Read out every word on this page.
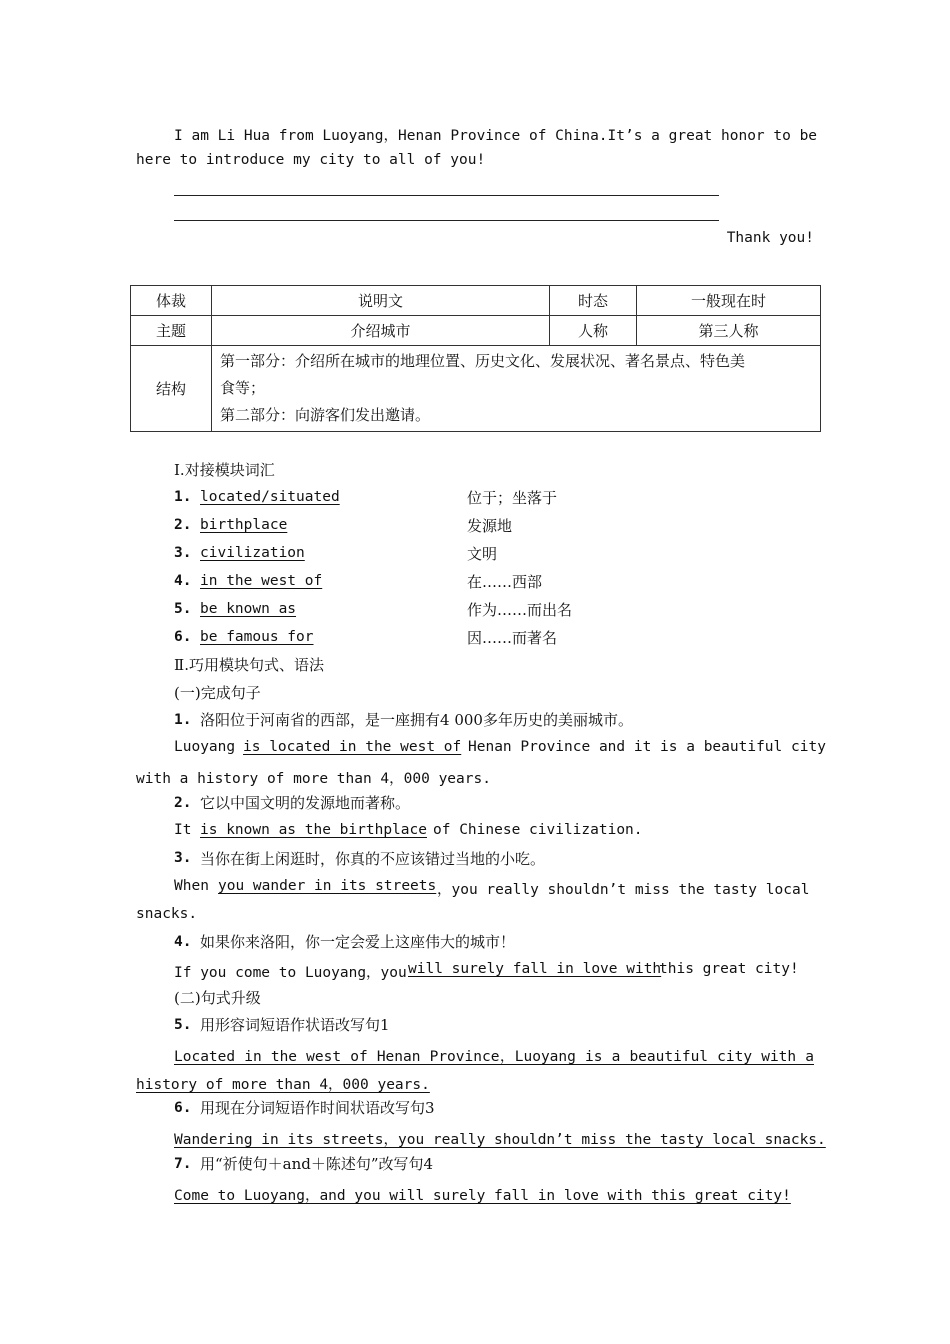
I am Li Hua from Luoyang，Henan Province of China.It’s a great honor to be
here to introduce my city to all of you!
Thank you!
体裁	说明文	时态	一般现在时
主题	介绍城市	人称	第三人称
结构	第一部分：介绍所在城市的地理位置、历史文化、发展状况、著名景点、特色美
食等；
第二部分：向游客们发出邀请。		
Ⅰ.对接模块词汇
1. located/situated	位于；坐落于
2. birthplace	发源地
3. civilization	文明
4. in the west of	在……西部
5. be known as	作为……而出名
6. be famous for	因……而著名
Ⅱ.巧用模块句式、语法
(一)完成句子
1. 洛阳位于河南省的西部，是一座拥有4 000多年历史的美丽城市。
Luoyang is located in the west of Henan Province and it is a beautiful city
with a history of more than 4，000 years.
2. 它以中国文明的发源地而著称。
It is known as the birthplace of Chinese civilization.
3. 当你在街上闲逛时，你真的不应该错过当地的小吃。
When you wander in its streets ，you really shouldn’t miss the tasty local
snacks.
4. 如果你来洛阳，你一定会爱上这座伟大的城市！
If you come to Luoyang，you will surely fall in love with
this great city!
(二)句式升级
5. 用形容词短语作状语改写句1
Located in the west of Henan Province，Luoyang is a beautiful city with a
history of more than 4，000 years.
6. 用现在分词短语作时间状语改写句3
Wandering in its streets，you really shouldn’t miss the tasty local snacks.
7. 用“祈使句＋and＋陈述句”改写句4
Come to Luoyang，and you will surely fall in love with this great city!
